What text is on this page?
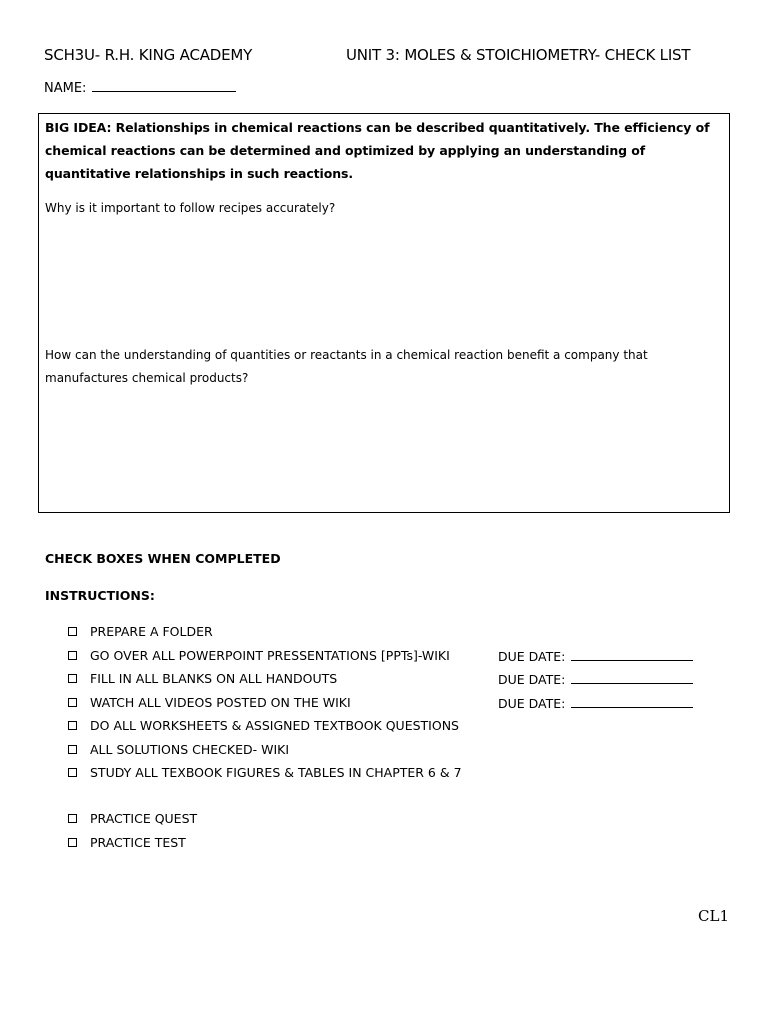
SCH3U- R.H. KING ACADEMY	UNIT 3: MOLES & STOICHIOMETRY- CHECK LIST
NAME:
BIG IDEA: Relationships in chemical reactions can be described quantitatively. The efficiency of chemical reactions can be determined and optimized by applying an understanding of quantitative relationships in such reactions.
Why is it important to follow recipes accurately?
How can the understanding of quantities or reactants in a chemical reaction benefit a company that manufactures chemical products?
CHECK BOXES WHEN COMPLETED
INSTRUCTIONS:
PREPARE A FOLDER
GO OVER ALL POWERPOINT PRESSENTATIONS [PPTs]-WIKI	DUE DATE:
FILL IN ALL BLANKS ON ALL HANDOUTS	DUE DATE:
WATCH ALL VIDEOS POSTED ON THE WIKI	DUE DATE:
DO ALL WORKSHEETS & ASSIGNED TEXTBOOK QUESTIONS
ALL SOLUTIONS CHECKED- WIKI
STUDY ALL TEXBOOK FIGURES & TABLES IN CHAPTER 6 & 7
PRACTICE QUEST
PRACTICE TEST
CL1
